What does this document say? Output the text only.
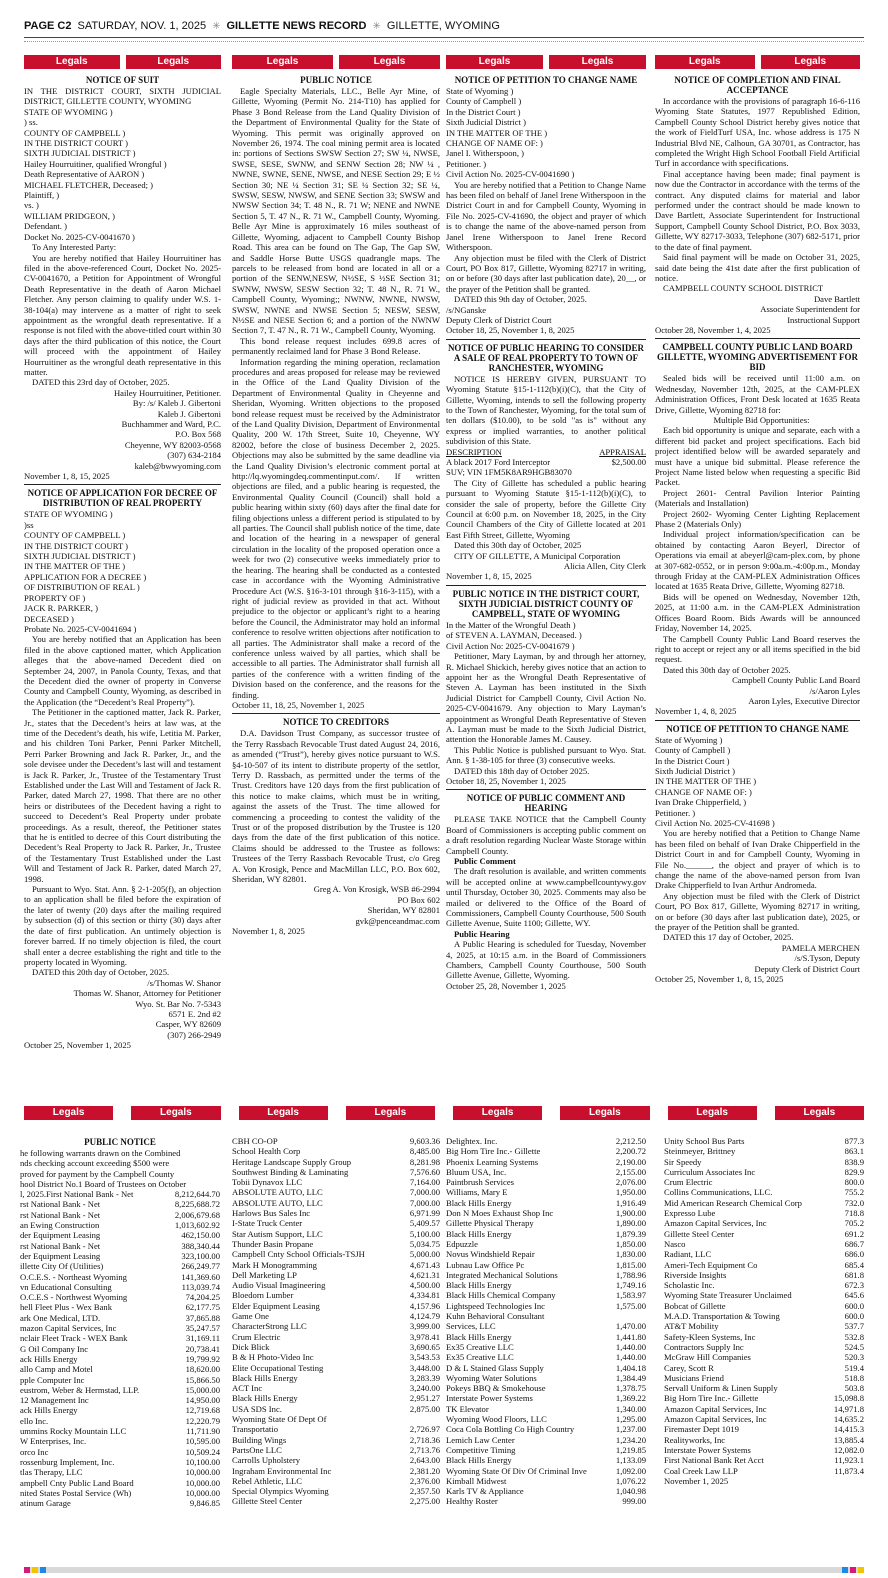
PAGE C2 SATURDAY, NOV. 1, 2025 ✳ GILLETTE NEWS RECORD ✳ GILLETTE, WYOMING
Legals	Legals
NOTICE OF SUIT

IN THE DISTRICT COURT, SIXTH JUDICIAL DISTRICT, GILLETTE COUNTY, WYOMING

STATE OF WYOMING )
) ss.
COUNTY OF CAMPBELL )
IN THE DISTRICT COURT )
SIXTH JUDICIAL DISTRICT )
Hailey Hourruitiner, qualified Wrongful )
Death Representative of AARON )
MICHAEL FLETCHER, Deceased; )
Plaintiff, )
vs. )
WILLIAM PRIDGEON, )
Defendant. )
Docket No. 2025-CV-0041670 )

To Any Interested Party:

You are hereby notified that Hailey Hourruitiner has filed in the above-referenced Court, Docket No. 2025-CV-0041670, a Petition for Appointment of Wrongful Death Representative in the death of Aaron Michael Fletcher. Any person claiming to qualify under W.S. 1-38-104(a) may intervene as a matter of right to seek appointment as the wrongful death representative. If a response is not filed with the above-titled court within 30 days after the third publication of this notice, the Court will proceed with the appointment of Hailey Hourruitiner as the wrongful death representative in this matter.

DATED this 23rd day of October, 2025.

Hailey Hourruitiner, Petitioner.
By: /s/ Kaleb J. Gibertoni
Kaleb J. Gibertoni
Buchhammer and Ward, P.C.
P.O. Box 568
Cheyenne, WY 82003-0568
(307) 634-2184
kaleb@bwwyoming.com
November 1, 8, 15, 2025
NOTICE OF APPLICATION FOR DECREE OF DISTRIBUTION OF REAL PROPERTY
STATE OF WYOMING )
)ss
COUNTY OF CAMPBELL )
IN THE DISTRICT COURT )
SIXTH JUDICIAL DISTRICT )
IN THE MATTER OF THE )
APPLICATION FOR A DECREE )
OF DISTRIBUTION OF REAL )
PROPERTY OF )
JACK R. PARKER, )
DECEASED )
Probate No. 2025-CV-0041694 )

You are hereby notified that an Application has been filed in the above captioned matter, which Application alleges that the above-named Decedent died on September 24, 2007, in Panola County, Texas, and that the Decedent died the owner of property in Converse County and Campbell County, Wyoming, as described in the Application (the “Decedent’s Real Property”).

The Petitioner in the captioned matter, Jack R. Parker, Jr., states that the Decedent’s heirs at law was, at the time of the Decedent’s death, his wife, Letitia M. Parker, and his children Toni Parker, Penni Parker Mitchell, Perri Parker Browning and Jack R. Parker, Jr., and the sole devisee under the Decedent’s last will and testament is Jack R. Parker, Jr., Trustee of the Testamentary Trust Established under the Last Will and Testament of Jack R. Parker, dated March 27, 1998. That there are no other heirs or distributees of the Decedent having a right to succeed to Decedent’s Real Property under probate proceedings. As a result, thereof, the Petitioner states that he is entitled to decree of this Court distributing the Decedent’s Real Property to Jack R. Parker, Jr., Trustee of the Testamentary Trust Established under the Last Will and Testament of Jack R. Parker, dated March 27, 1998.

Pursuant to Wyo. Stat. Ann. § 2-1-205(f), an objection to an application shall be filed before the expiration of the later of twenty (20) days after the mailing required by subsection (d) of this section or thirty (30) days after the date of first publication. An untimely objection is forever barred. If no timely objection is filed, the court shall enter a decree establishing the right and title to the property located in Wyoming.

DATED this 20th day of October, 2025.

/s/Thomas W. Shanor
Thomas W. Shanor, Attorney for Petitioner
Wyo. St. Bar No. 7-5343
6571 E. 2nd #2
Casper, WY 82609
(307) 266-2949
October 25, November 1, 2025
Legals	Legals
PUBLIC NOTICE

Eagle Specialty Materials, LLC., Belle Ayr Mine, of Gillette, Wyoming (Permit No. 214-T10) has applied for Phase 3 Bond Release from the Land Quality Division of the Department of Environmental Quality for the State of Wyoming. This permit was originally approved on November 26, 1974. The coal mining permit area is located in: portions of Sections SWSW Section 27; SW ¼, NWSE, SWSE, SESE, SWNW, and SENW Section 28; NW ¼ , NWNE, SWNE, SENE, NWSE, and NESE Section 29; E ½ Section 30; NE ¼ Section 31; SE ¼ Section 32; SE ¼, SWSW, SESW, NWSW, and SENE Section 33; SWSW and NWSW Section 34; T. 48 N., R. 71 W; NENE and NWNE Section 5, T. 47 N., R. 71 W., Campbell County, Wyoming. Belle Ayr Mine is approximately 16 miles southeast of Gillette, Wyoming, adjacent to Campbell County Bishop Road. This area can be found on The Gap, The Gap SW, and Saddle Horse Butte USGS quadrangle maps. The parcels to be released from bond are located in all or a portion of the SENW,NESW, N½SE, S ½SE Section 31; SWNW, NWSW, SESW Section 32; T. 48 N., R. 71 W., Campbell County, Wyoming;; NWNW, NWNE, NWSW, SWSW, NWNE and NWSE Section 5; NESW, SESW, N½SE and NESE Section 6; and a portion of the NWNW Section 7, T. 47 N., R. 71 W., Campbell County, Wyoming.

This bond release request includes 699.8 acres of permanently reclaimed land for Phase 3 Bond Release.

Information regarding the mining operation, reclamation procedures and areas proposed for release may be reviewed in the Office of the Land Quality Division of the Department of Environmental Quality in Cheyenne and Sheridan, Wyoming. Written objections to the proposed bond release request must be received by the Administrator of the Land Quality Division, Department of Environmental Quality, 200 W. 17th Street, Suite 10, Cheyenne, WY 82002, before the close of business December 2, 2025. Objections may also be submitted by the same deadline via the Land Quality Division’s electronic comment portal at http://lq.wyomingdeq.commentinput.com/. If written objections are filed, and a public hearing is requested, the Environmental Quality Council (Council) shall hold a public hearing within sixty (60) days after the final date for filing objections unless a different period is stipulated to by all parties. The Council shall publish notice of the time, date and location of the hearing in a newspaper of general circulation in the locality of the proposed operation once a week for two (2) consecutive weeks immediately prior to the hearing. The hearing shall be conducted as a contested case in accordance with the Wyoming Administrative Procedure Act (W.S. §16-3-101 through §16-3-115), with a right of judicial review as provided in that act. Without prejudice to the objector or applicant’s right to a hearing before the Council, the Administrator may hold an informal conference to resolve written objections after notification to all parties. The Administrator shall make a record of the conference unless waived by all parties, which shall be accessible to all parties. The Administrator shall furnish all parties of the conference with a written finding of the Division based on the conference, and the reasons for the finding.

October 11, 18, 25, November 1, 2025
NOTICE TO CREDITORS

D.A. Davidson Trust Company, as successor trustee of the Terry Rassbach Revocable Trust dated August 24, 2016, as amended (“Trust”), hereby gives notice pursuant to W.S. §4-10-507 of its intent to distribute property of the settlor, Terry D. Rassbach, as permitted under the terms of the Trust. Creditors have 120 days from the first publication of this notice to make claims, which must be in writing, against the assets of the Trust. The time allowed for commencing a proceeding to contest the validity of the Trust or of the proposed distribution by the Trustee is 120 days from the date of the first publication of this notice. Claims should be addressed to the Trustee as follows: Trustees of the Terry Rassbach Revocable Trust, c/o Greg A. Von Krosigk, Pence and MacMillan LLC, P.O. Box 602, Sheridan, WY 82801.

Greg A. Von Krosigk, WSB #6-2994
PO Box 602
Sheridan, WY 82801
gvk@penceandmac.com
November 1, 8, 2025
Legals	Legals
NOTICE OF PETITION TO CHANGE NAME
State of Wyoming )
County of Campbell )
In the District Court )
Sixth Judicial District )
IN THE MATTER OF THE )
CHANGE OF NAME OF: )
Janel I. Witherspoon, )
Petitioner. )
Civil Action No. 2025-CV-0041690 )

You are hereby notified that a Petition to Change Name has been filed on behalf of Janel Irene Witherspoon in the District Court in and for Campbell County, Wyoming in File No. 2025-CV-41690, the object and prayer of which is to change the name of the above-named person from Janel Irene Witherspoon to Janel Irene Record Witherspoon.

Any objection must be filed with the Clerk of District Court, PO Box 817, Gillette, Wyoming 82717 in writing, on or before (30 days after last publication date), 20__, or the prayer of the Petition shall be granted.

DATED this 9th day of October, 2025.

/s/NGanske
Deputy Clerk of District Court
October 18, 25, November 1, 8, 2025
NOTICE OF PUBLIC HEARING TO CONSIDER A SALE OF REAL PROPERTY TO TOWN OF RANCHESTER, WYOMING

NOTICE IS HEREBY GIVEN, PURSUANT TO Wyoming Statute §15-1-112(b)(i)(C), that the City of Gillette, Wyoming, intends to sell the following property to the Town of Ranchester, Wyoming, for the total sum of ten dollars ($10.00), to be sold "as is" without any express or implied warranties, to another political subdivision of this State.

DESCRIPTION	APPRAISAL
A black 2017 Ford Interceptor	$2,500.00
SUV; VIN 1FM5K8AR9HGB83070

The City of Gillette has scheduled a public hearing pursuant to Wyoming Statute §15-1-112(b)(i)(C), to consider the sale of property, before the Gillette City Council at 6:00 p.m. on November 18, 2025, in the City Council Chambers of the City of Gillette located at 201 East Fifth Street, Gillette, Wyoming

Dated this 30th day of October, 2025

CITY OF GILLETTE, A Municipal Corporation

Alicia Allen, City Clerk
November 1, 8, 15, 2025
PUBLIC NOTICE IN THE DISTRICT COURT, SIXTH JUDICIAL DISTRICT COUNTY OF CAMPBELL, STATE OF WYOMING
In the Matter of the Wrongful Death )
of STEVEN A. LAYMAN, Deceased. )
Civil Action No: 2025-CV-0041679 )

Petitioner, Mary Layman, by and through her attorney, R. Michael Shickich, hereby gives notice that an action to appoint her as the Wrongful Death Representative of Steven A. Layman has been instituted in the Sixth Judicial District for Campbell County, Civil Action No. 2025-CV-0041679. Any objection to Mary Layman’s appointment as Wrongful Death Representative of Steven A. Layman must be made to the Sixth Judicial District, attention the Honorable James M. Causey.

This Public Notice is published pursuant to Wyo. Stat. Ann. § 1-38-105 for three (3) consecutive weeks.

DATED this 18th day of October 2025.

October 18, 25, November 1, 2025
NOTICE OF PUBLIC COMMENT AND HEARING

PLEASE TAKE NOTICE that the Campbell County Board of Commissioners is accepting public comment on a draft resolution regarding Nuclear Waste Storage within Campbell County.

Public Comment

The draft resolution is available, and written comments will be accepted online at www.campbellcountywy.gov until Thursday, October 30, 2025. Comments may also be mailed or delivered to the Office of the Board of Commissioners, Campbell County Courthouse, 500 South Gillette Avenue, Suite 1100; Gillette, WY.

Public Hearing

A Public Hearing is scheduled for Tuesday, November 4, 2025, at 10:15 a.m. in the Board of Commissioners Chambers, Campbell County Courthouse, 500 South Gillette Avenue, Gillette, Wyoming.

October 25, 28, November 1, 2025
Legals	Legals
NOTICE OF COMPLETION AND FINAL ACCEPTANCE

In accordance with the provisions of paragraph 16-6-116 Wyoming State Statutes, 1977 Republished Edition, Campbell County School District hereby gives notice that the work of FieldTurf USA, Inc. whose address is 175 N Industrial Blvd NE, Calhoun, GA 30701, as Contractor, has completed the Wright High School Football Field Artificial Turf in accordance with specifications.

Final acceptance having been made; final payment is now due the Contractor in accordance with the terms of the contract. Any disputed claims for material and labor performed under the contract should be made known to Dave Bartlett, Associate Superintendent for Instructional Support, Campbell County School District, P.O. Box 3033, Gillette, WY 82717-3033, Telephone (307) 682-5171, prior to the date of final payment.

Said final payment will be made on October 31, 2025, said date being the 41st date after the first publication of notice.

CAMPBELL COUNTY SCHOOL DISTRICT

Dave Bartlett
Associate Superintendent for
Instructional Support
October 28, November 1, 4, 2025
CAMPBELL COUNTY PUBLIC LAND BOARD GILLETTE, WYOMING ADVERTISEMENT FOR BID

Sealed bids will be received until 11:00 a.m. on Wednesday, November 12th, 2025, at the CAM-PLEX Administration Offices, Front Desk located at 1635 Reata Drive, Gillette, Wyoming 82718 for:

Multiple Bid Opportunities:

Each bid opportunity is unique and separate, each with a different bid packet and project specifications. Each bid project identified below will be awarded separately and must have a unique bid submittal. Please reference the Project Name listed below when requesting a specific Bid Packet.

Project 2601- Central Pavilion Interior Painting (Materials and Installation)

Project 2602- Wyoming Center Lighting Replacement Phase 2 (Materials Only)

Individual project information/specification can be obtained by contacting Aaron Beyerl, Director of Operations via email at abeyerl@cam-plex.com, by phone at 307-682-0552, or in person 9:00a.m.-4:00p.m., Monday through Friday at the CAM-PLEX Administration Offices located at 1635 Reata Drive, Gillette, Wyoming 82718.

Bids will be opened on Wednesday, November 12th, 2025, at 11:00 a.m. in the CAM-PLEX Administration Offices Board Room. Bids Awards will be announced Friday, November 14, 2025.

The Campbell County Public Land Board reserves the right to accept or reject any or all items specified in the bid request.

Dated this 30th day of October 2025.

Campbell County Public Land Board
/s/Aaron Lyles
Aaron Lyles, Executive Director
November 1, 4, 8, 2025
NOTICE OF PETITION TO CHANGE NAME
State of Wyoming )
County of Campbell )
In the District Court )
Sixth Judicial District )
IN THE MATTER OF THE )
CHANGE OF NAME OF: )
Ivan Drake Chipperfield, )
Petitioner. )
Civil Action No. 2025-CV-41698 )

You are hereby notified that a Petition to Change Name has been filed on behalf of Ivan Drake Chipperfield in the District Court in and for Campbell County, Wyoming in File No.______, the object and prayer of which is to change the name of the above-named person from Ivan Drake Chipperfield to Ivan Arthur Andromeda.

Any objection must be filed with the Clerk of District Court, PO Box 817, Gillette, Wyoming 82717 in writing, on or before (30 days after last publication date), 2025, or the prayer of the Petition shall be granted.

DATED this 17 day of October, 2025.

PAMELA MERCHEN
/s/S.Tyson, Deputy
Deputy Clerk of District Court
October 25, November 1, 8, 15, 2025
Legals	Legals	Legals	Legals	Legals	Legals	Legals	Legals
PUBLIC NOTICE
he following warrants drawn on the Combined
nds checking account exceeding $500 were
proved for payment by the Campbell County
hool District No.1 Board of Trustees on October
l, 2025.First National Bank - Net	8,212,644.70
rst National Bank - Net	8,225,688.72
rst National Bank - Net	2,006,679.68
an Ewing Construction	1,013,602.92
der Equipment Leasing	462,150.00
rst National Bank - Net	388,340.44
der Equipment Leasing	323,100.00
illette City Of (Utilities)	266,249.77
O.C.E.S. - Northeast Wyoming	141,369.60
vn Educational Consulting	113,039.74
O.C.E.S - Northwest Wyoming	74,204.25
hell Fleet Plus - Wex Bank	62,177.75
ark One Medical, LTD.	37,865.88
mazon Capital Services, Inc	35,247.57
nclair Fleet Track - WEX Bank	31,169.11
G Oil Company Inc	20,738.41
ack Hills Energy	19,799.92
allo Camp and Motel	18,620.00
pple Computer Inc	15,866.50
eustrom, Weber & Hermstad, LLP.	15,000.00
12 Management Inc	14,950.00
ack Hills Energy	12,719.68
ello Inc.	12,220.79
ummins Rocky Mountain LLC	11,711.90
W Enterprises, Inc.	10,595.00
orco Inc	10,509.24
rossenburg Implement, Inc.	10,100.00
tlas Therapy, LLC	10,000.00
ampbell Cnty Public Land Board	10,000.00
nited States Postal Service (Wh)	10,000.00
atinum Garage	9,846.85
CBH CO-OP	9,603.36
School Health Corp	8,485.00
Heritage Landscape Supply Group	8,281.98
Southwest Binding & Laminating	7,576.60
Tobii Dynavox LLC	7,164.00
ABSOLUTE AUTO, LLC	7,000.00
ABSOLUTE AUTO, LLC	7,000.00
Harlows Bus Sales Inc	6,971.99
I-State Truck Center	5,409.57
Star Autism Support, LLC	5,100.00
Thunder Basin Propane	5,034.75
Campbell Cnty School Officials-TSJH	5,000.00
Mark H Monogramming	4,671.43
Dell Marketing LP	4,621.31
Audio Visual Imagineering	4,500.00
Bloedorn Lumber	4,334.81
Elder Equipment Leasing	4,157.96
Game One	4,124.79
CharacterStrong LLC	3,999.00
Crum Electric	3,978.41
Dick Blick	3,690.65
B & H Photo-Video Inc	3,543.53
Elite Occupational Testing	3,448.00
Black Hills Energy	3,283.39
ACT Inc	3,240.00
Black Hills Energy	2,951.27
USA SDS Inc.	2,875.00
Wyoming State Of Dept Of
Transportatio	2,726.97
Building Wings	2,718.36
PartsOne LLC	2,713.76
Carrolls Upholstery	2,643.00
Ingraham Environmental Inc	2,381.20
Rebel Athletic, LLC	2,376.00
Special Olympics Wyoming	2,357.50
Gillette Steel Center	2,275.00
Delightex. Inc.	2,212.50
Big Horn Tire Inc.- Gillette	2,200.72
Phoenix Learning Systems	2,190.00
Bluum USA, Inc.	2,155.00
Paintbrush Services	2,076.00
Williams, Mary E	1,950.00
Black Hills Energy	1,916.49
Don N Moes Exhaust Shop Inc	1,900.00
Gillette Physical Therapy	1,890.00
Black Hills Energy	1,879.39
Edpuzzle	1,850.00
Novus Windshield Repair	1,830.00
Lubnau Law Office Pc	1,815.00
Integrated Mechanical Solutions	1,788.96
Black Hills Energy	1,749.16
Black Hills Chemical Company	1,583.97
Lightspeed Technologies Inc	1,575.00
Kuhn Behavioral Consultant
Services, LLC	1,470.00
Black Hills Energy	1,441.80
Ex35 Creative LLC	1,440.00
Ex35 Creative LLC	1,440.00
D & L Stained Glass Supply	1,404.18
Wyoming Water Solutions	1,384.49
Pokeys BBQ & Smokehouse	1,378.75
Interstate Power Systems	1,369.22
TK Elevator	1,340.00
Wyoming Wood Floors, LLC	1,295.00
Coca Cola Bottling Co High Country	1,237.00
Lemich Law Center	1,234.20
Competitive Timing	1,219.85
Black Hills Energy	1,133.09
Wyoming State Of Div Of Criminal Inve	1,092.00
Kimball Midwest	1,076.22
Karls TV & Appliance	1,040.98
Healthy Roster	999.00
Unity School Bus Parts	877.3
Steinmeyer, Brittney	863.1
Sir Speedy	838.9
Curriculum Associates Inc	829.9
Crum Electric	800.0
Collins Communications, LLC.	755.2
Mid American Research Chemical Corp	732.0
Expresso Lube	718.8
Amazon Capital Services, Inc	705.2
Gillette Steel Center	691.2
Nasco	686.7
Radiant, LLC	686.0
Ameri-Tech Equipment Co	685.4
Riverside Insights	681.8
Scholastic Inc.	672.3
Wyoming State Treasurer Unclaimed	645.6
Bobcat of Gillette	600.0
M.A.D. Transportation & Towing	600.0
AT&T Mobility	537.7
Safety-Kleen Systems, Inc	532.8
Contractors Supply Inc	524.5
McGraw Hill Companies	520.3
Carey, Scott R	519.4
Musicians Friend	518.8
Servall Uniform & Linen Supply	503.8
Big Horn Tire Inc.- Gillette	15,098.8
Amazon Capital Services, Inc	14,971.8
Amazon Capital Services, Inc	14,635.2
Firemaster Dept 1019	14,415.3
Realityworks, Inc	13,885.4
Interstate Power Systems	12,082.0
First National Bank Ret Acct	11,923.1
Coal Creek Law LLP	11,873.4
November 1, 2025
